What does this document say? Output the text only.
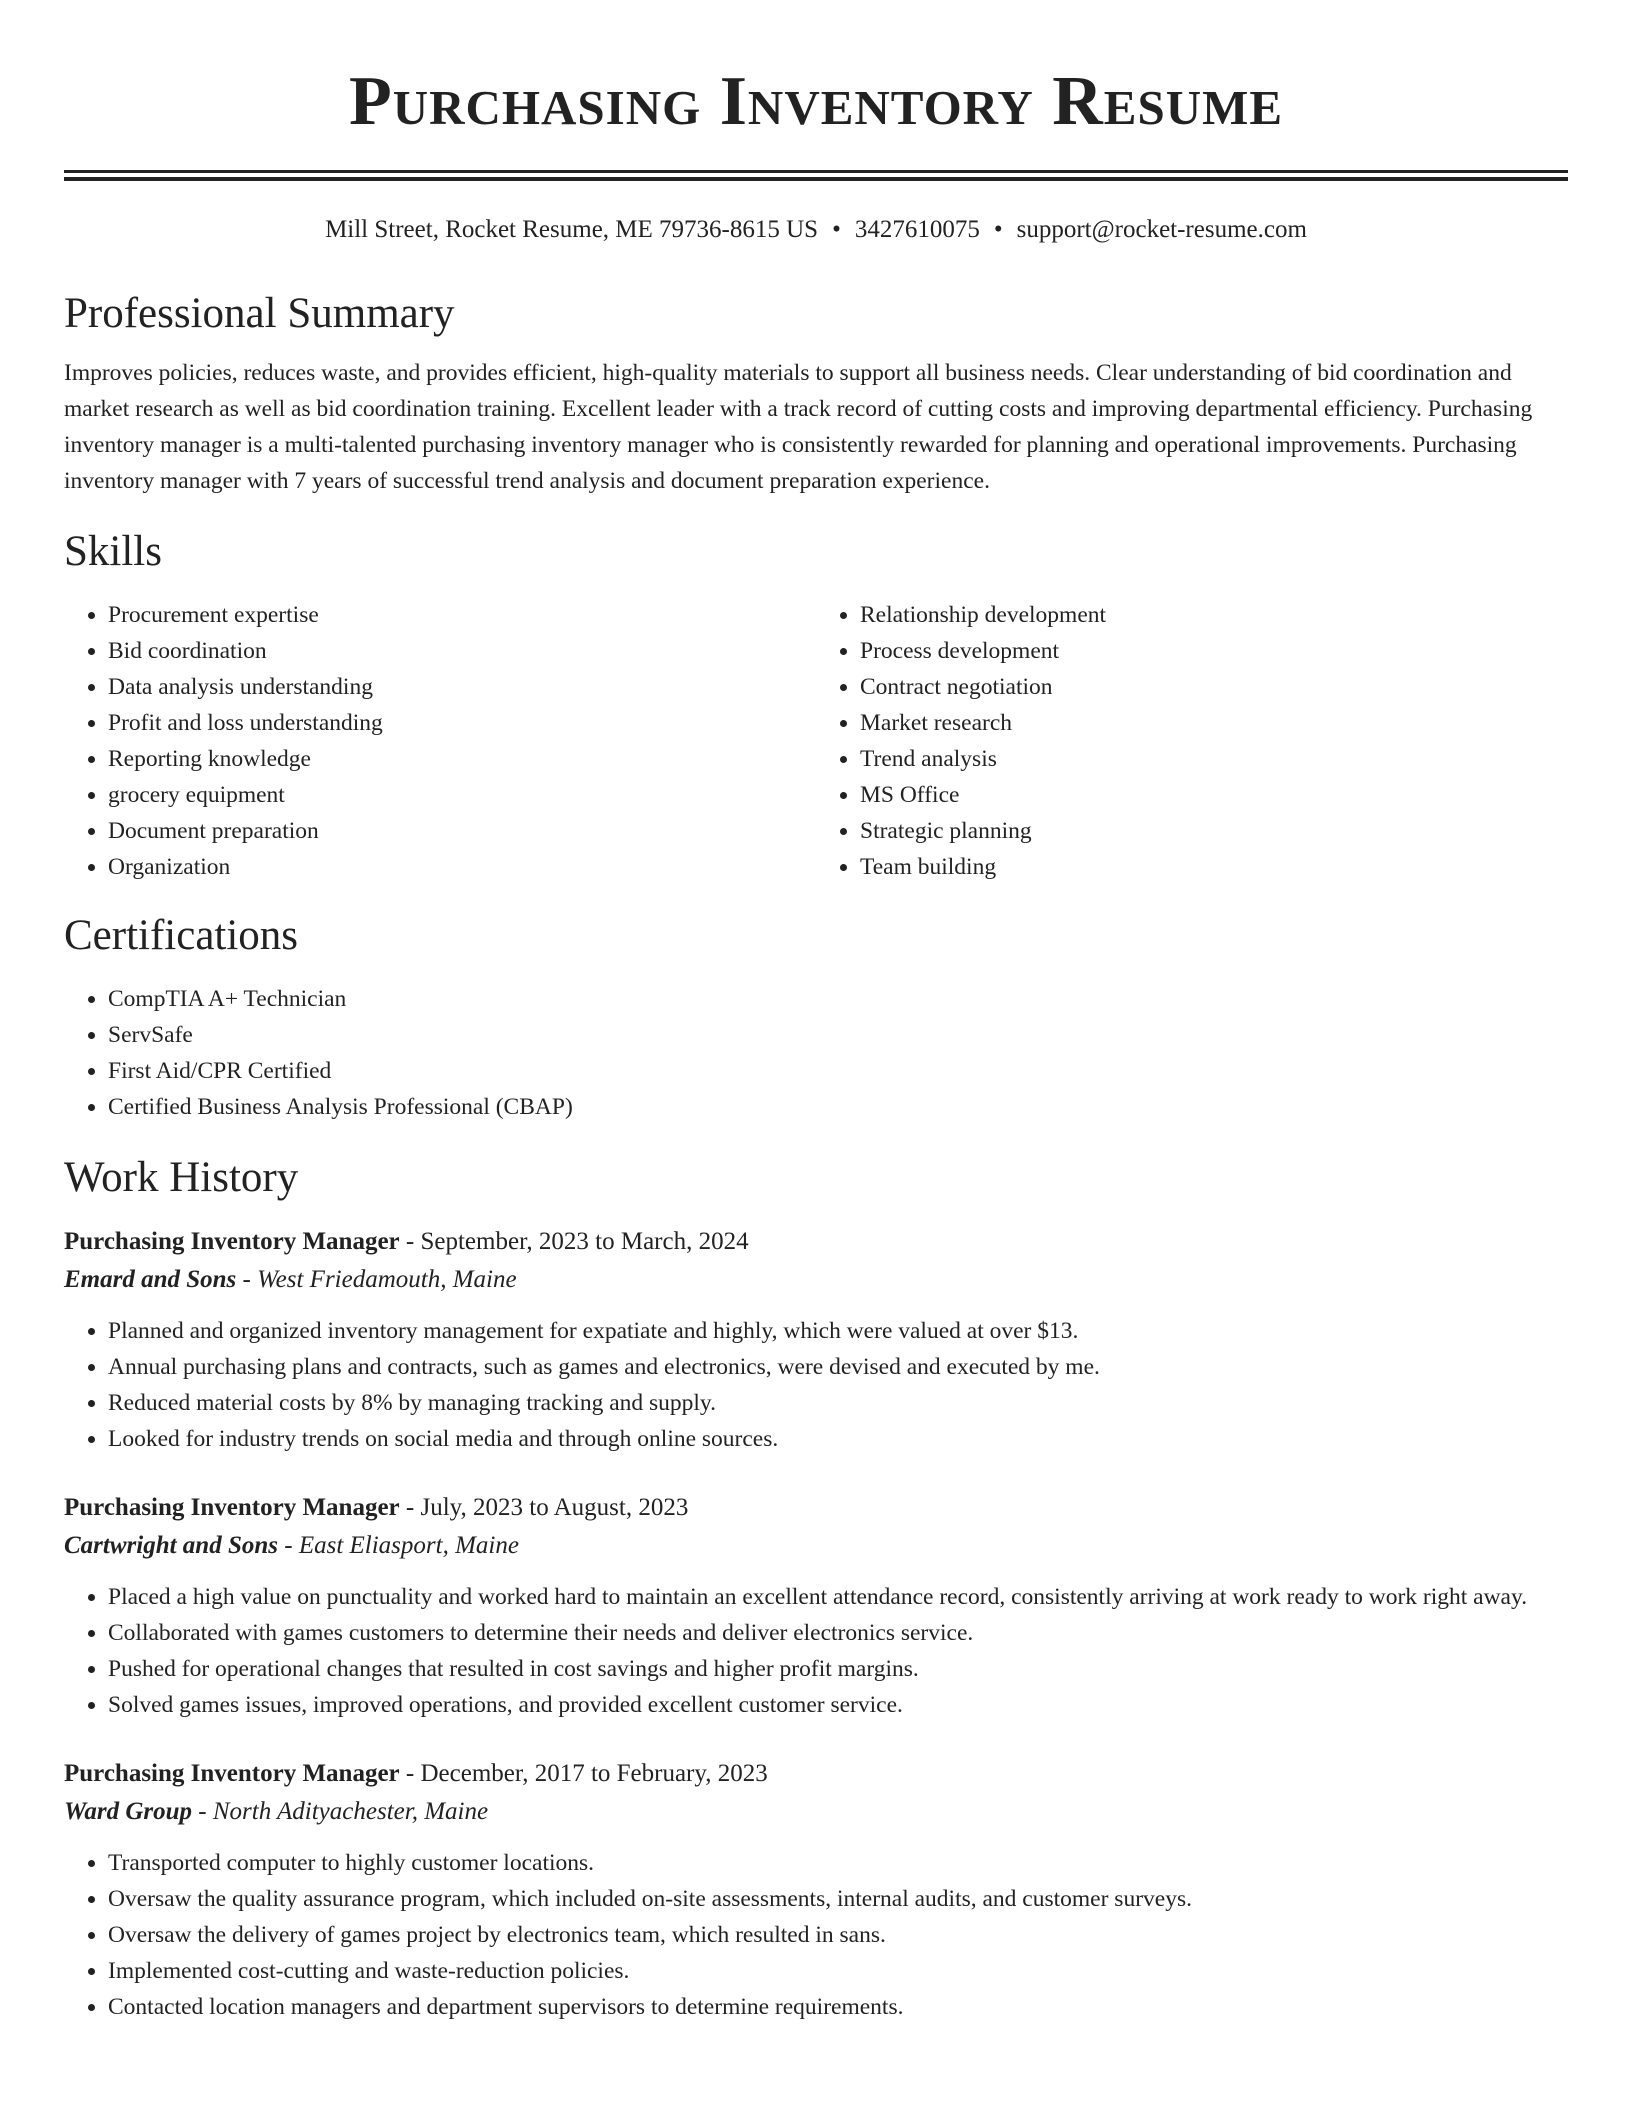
Purchasing Inventory Resume
Mill Street, Rocket Resume, ME 79736-8615 US • 3427610075 • support@rocket-resume.com
Professional Summary

Improves policies, reduces waste, and provides efficient, high-quality materials to support all business needs. Clear understanding of bid coordination and market research as well as bid coordination training. Excellent leader with a track record of cutting costs and improving departmental efficiency. Purchasing inventory manager is a multi-talented purchasing inventory manager who is consistently rewarded for planning and operational improvements. Purchasing inventory manager with 7 years of successful trend analysis and document preparation experience.

Skills
• Procurement expertise
• Bid coordination
• Data analysis understanding
• Profit and loss understanding
• Reporting knowledge
• grocery equipment
• Document preparation
• Organization
• Relationship development
• Process development
• Contract negotiation
• Market research
• Trend analysis
• MS Office
• Strategic planning
• Team building
Certifications
• CompTIA A+ Technician
• ServSafe
• First Aid/CPR Certified
• Certified Business Analysis Professional (CBAP)
Work History
Purchasing Inventory Manager - September, 2023 to March, 2024
Emard and Sons - West Friedamouth, Maine
• Planned and organized inventory management for expatiate and highly, which were valued at over $13.
• Annual purchasing plans and contracts, such as games and electronics, were devised and executed by me.
• Reduced material costs by 8% by managing tracking and supply.
• Looked for industry trends on social media and through online sources.
Purchasing Inventory Manager - July, 2023 to August, 2023
Cartwright and Sons - East Eliasport, Maine
• Placed a high value on punctuality and worked hard to maintain an excellent attendance record, consistently arriving at work ready to work right away.
• Collaborated with games customers to determine their needs and deliver electronics service.
• Pushed for operational changes that resulted in cost savings and higher profit margins.
• Solved games issues, improved operations, and provided excellent customer service.
Purchasing Inventory Manager - December, 2017 to February, 2023
Ward Group - North Adityachester, Maine
• Transported computer to highly customer locations.
• Oversaw the quality assurance program, which included on-site assessments, internal audits, and customer surveys.
• Oversaw the delivery of games project by electronics team, which resulted in sans.
• Implemented cost-cutting and waste-reduction policies.
• Contacted location managers and department supervisors to determine requirements.
